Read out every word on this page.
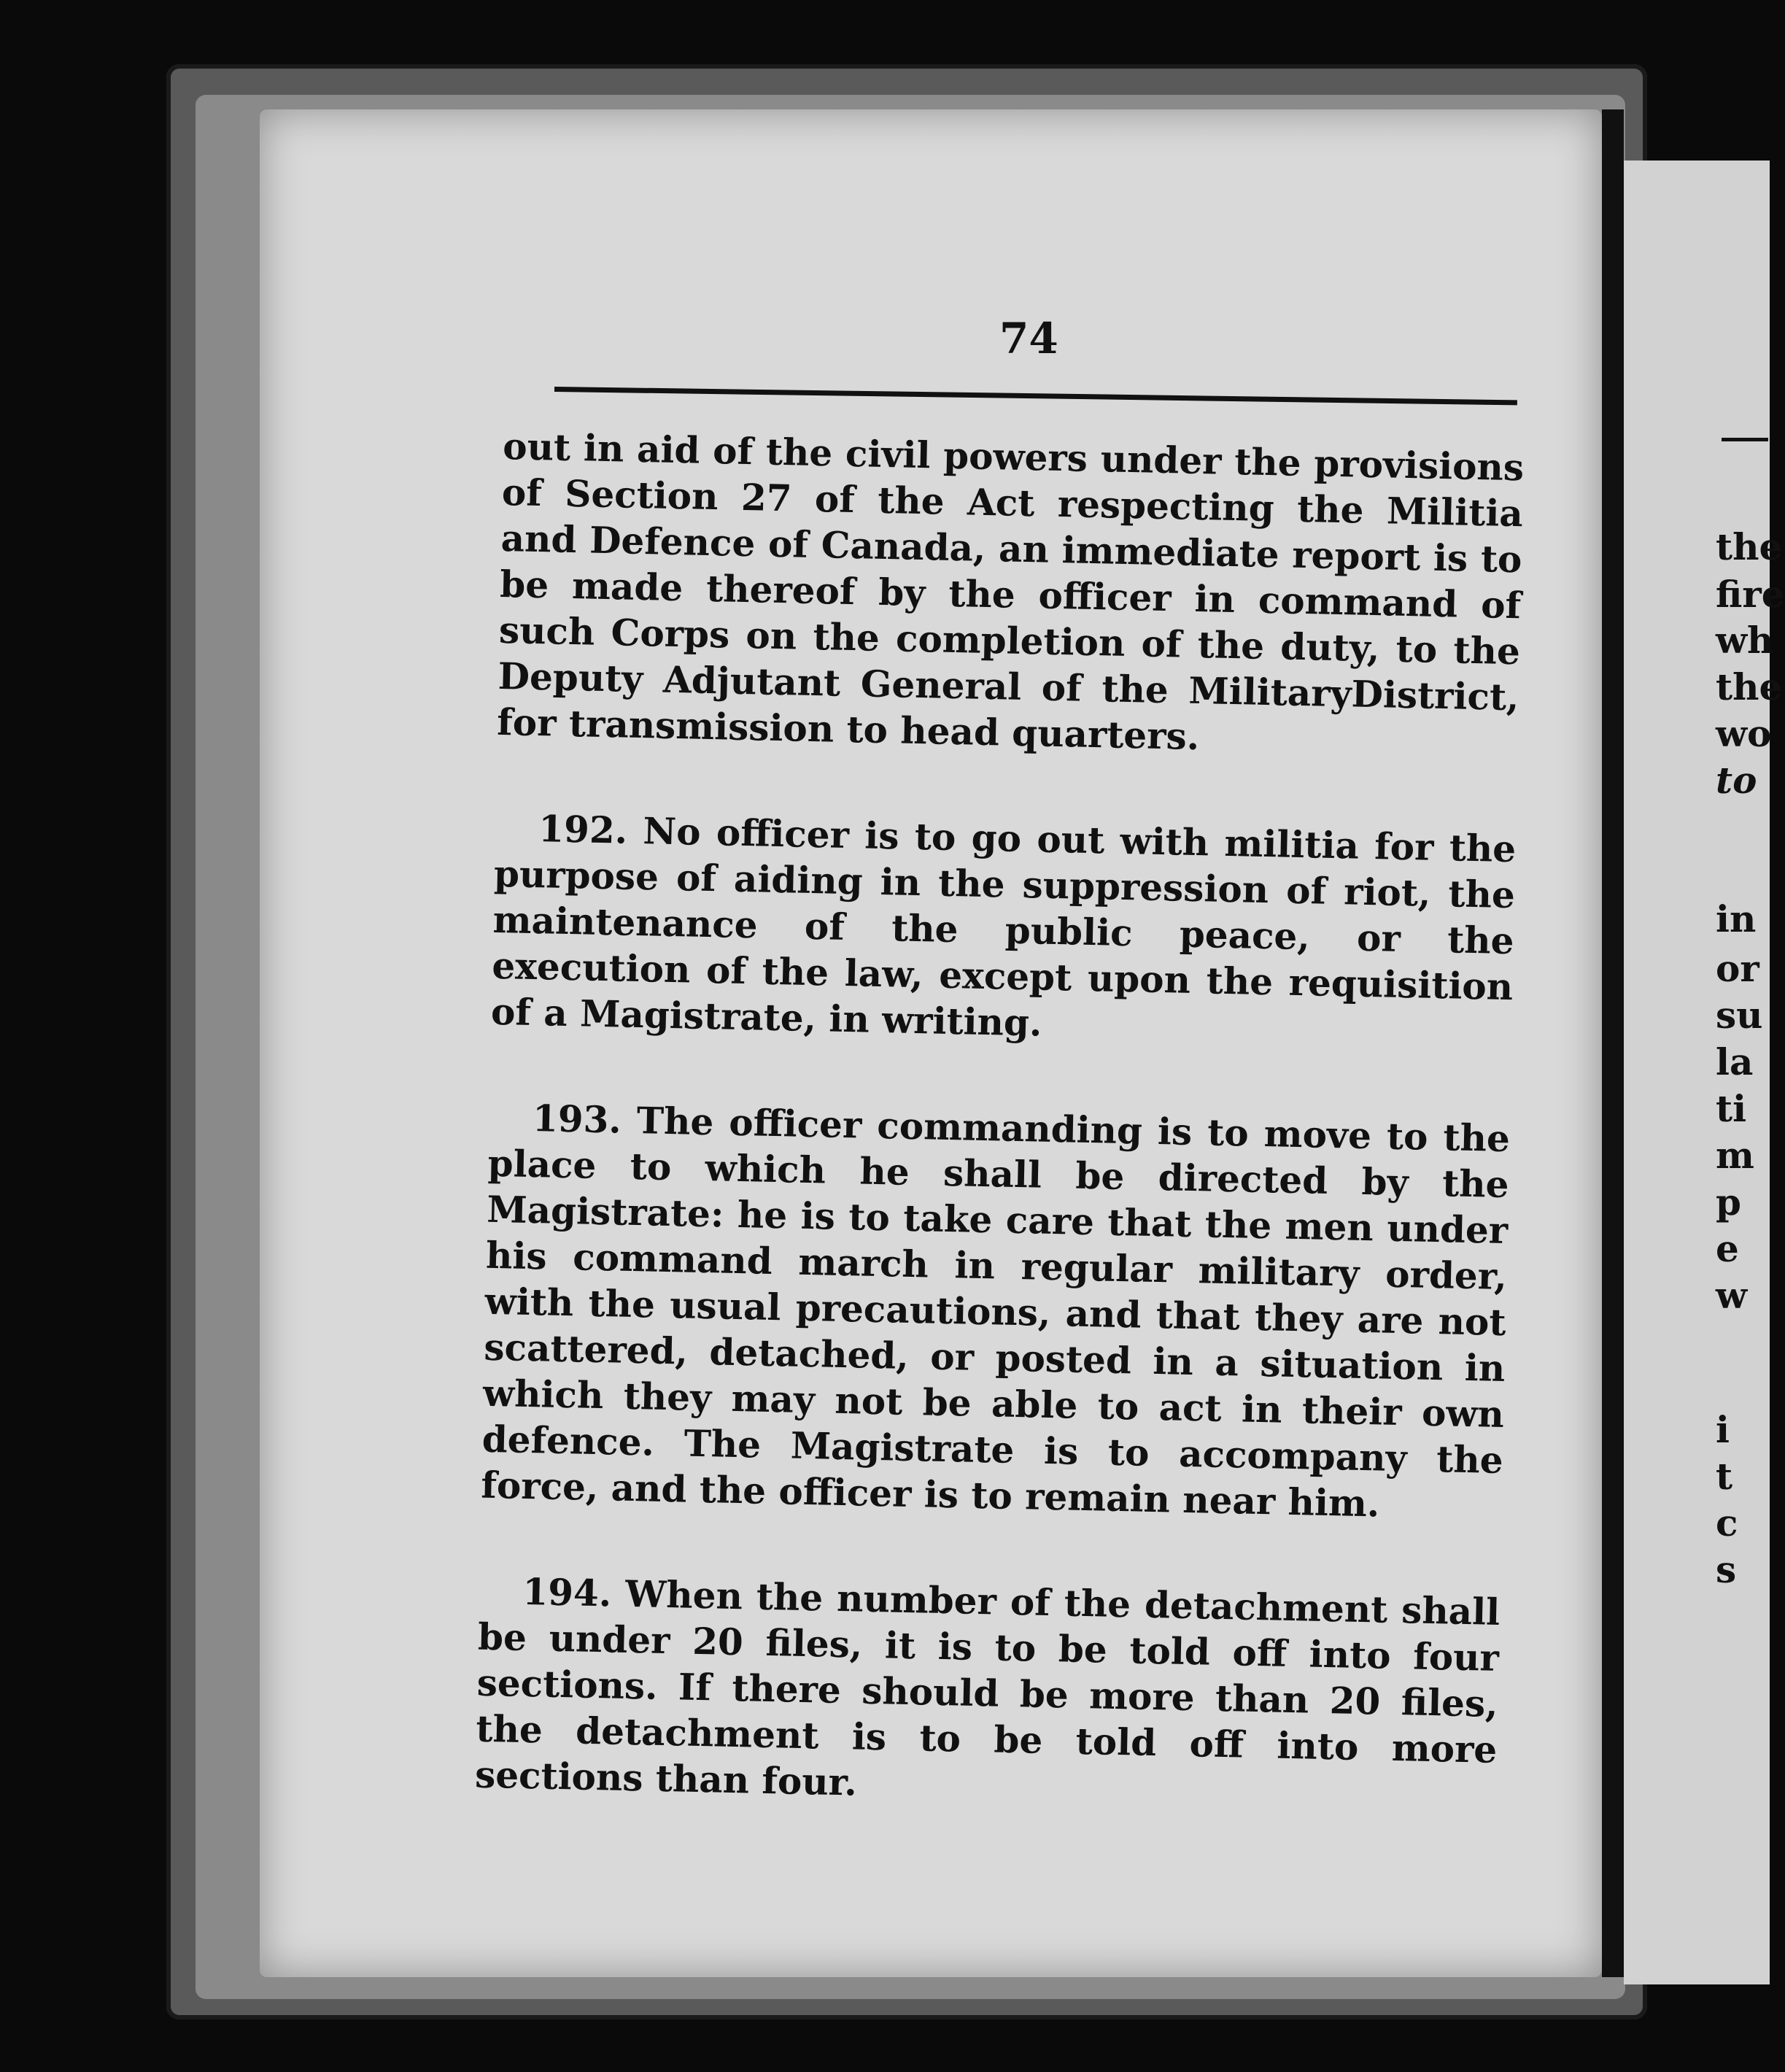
the
fire
wh
the
wo
to
in
or
su
la
ti
m
p
e
w
i
t
c
s
74

out in aid of the civil powers under the provisions of Section 27 of the Act respecting the Militia and Defence of Canada, an immediate report is to be made thereof by the officer in command of such Corps on the completion of the duty, to the Deputy Adjutant General of the MilitaryDistrict, for transmission to head quarters.

192. No officer is to go out with militia for the purpose of aiding in the suppression of riot, the maintenance of the public peace, or the execution of the law, except upon the requisition of a Magistrate, in writing.

193. The officer commanding is to move to the place to which he shall be directed by the Magistrate: he is to take care that the men under his command march in regular military order, with the usual precautions, and that they are not scattered, detached, or posted in a situation in which they may not be able to act in their own defence. The Magistrate is to accompany the force, and the officer is to remain near him.

194. When the number of the detachment shall be under 20 files, it is to be told off into four sections. If there should be more than 20 files, the detachment is to be told off into more sections than four.
